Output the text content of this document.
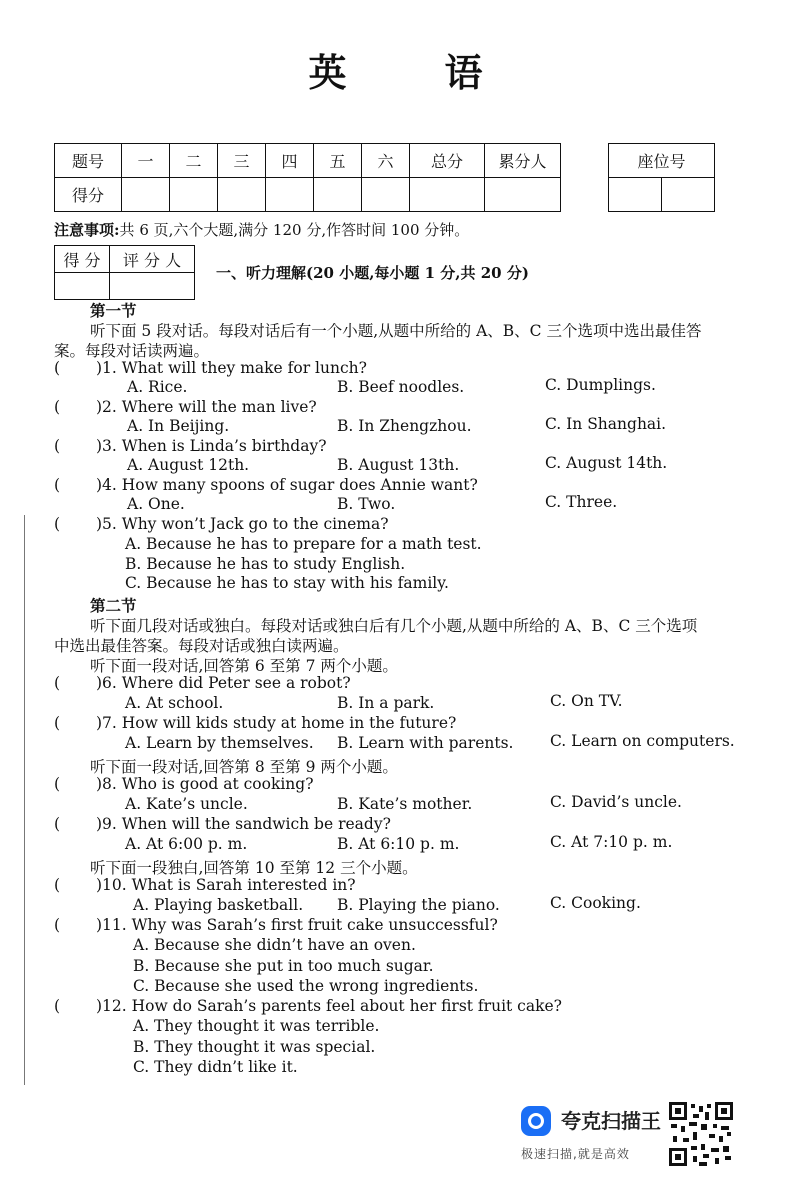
英	语
题号	一	二	三	四	五	六	总分	累分人
得分								
座位号

注意事项:共 6 页,六个大题,满分 120 分,作答时间 100 分钟。
得 分	评 分 人

一、听力理解(20 小题,每小题 1 分,共 20 分)
第一节
听下面 5 段对话。每段对话后有一个小题,从题中所给的 A、B、C 三个选项中选出最佳答
案。每段对话读两遍。
( )1. What will they make for lunch?
A. Rice.	B. Beef noodles.	C. Dumplings.
( )2. Where will the man live?
A. In Beijing.	B. In Zhengzhou.	C. In Shanghai.
( )3. When is Linda’s birthday?
A. August 12th.	B. August 13th.	C. August 14th.
( )4. How many spoons of sugar does Annie want?
A. One.	B. Two.	C. Three.
( )5. Why won’t Jack go to the cinema?
A. Because he has to prepare for a math test.
B. Because he has to study English.
C. Because he has to stay with his family.
第二节
听下面几段对话或独白。每段对话或独白后有几个小题,从题中所给的 A、B、C 三个选项
中选出最佳答案。每段对话或独白读两遍。
听下面一段对话,回答第 6 至第 7 两个小题。
( )6. Where did Peter see a robot?
A. At school.	B. In a park.	C. On TV.
( )7. How will kids study at home in the future?
A. Learn by themselves. B. Learn with parents. C. Learn on computers.
听下面一段对话,回答第 8 至第 9 两个小题。
( )8. Who is good at cooking?
A. Kate’s uncle.	B. Kate’s mother.	C. David’s uncle.
( )9. When will the sandwich be ready?
A. At 6:00 p. m.	B. At 6:10 p. m.	C. At 7:10 p. m.
听下面一段独白,回答第 10 至第 12 三个小题。
( )10. What is Sarah interested in?
A. Playing basketball. B. Playing the piano.	C. Cooking.
( )11. Why was Sarah’s first fruit cake unsuccessful?
A. Because she didn’t have an oven.
B. Because she put in too much sugar.
C. Because she used the wrong ingredients.
( )12. How do Sarah’s parents feel about her first fruit cake?
A. They thought it was terrible.
B. They thought it was special.
C. They didn’t like it.
夸克扫描王
极速扫描,就是高效
